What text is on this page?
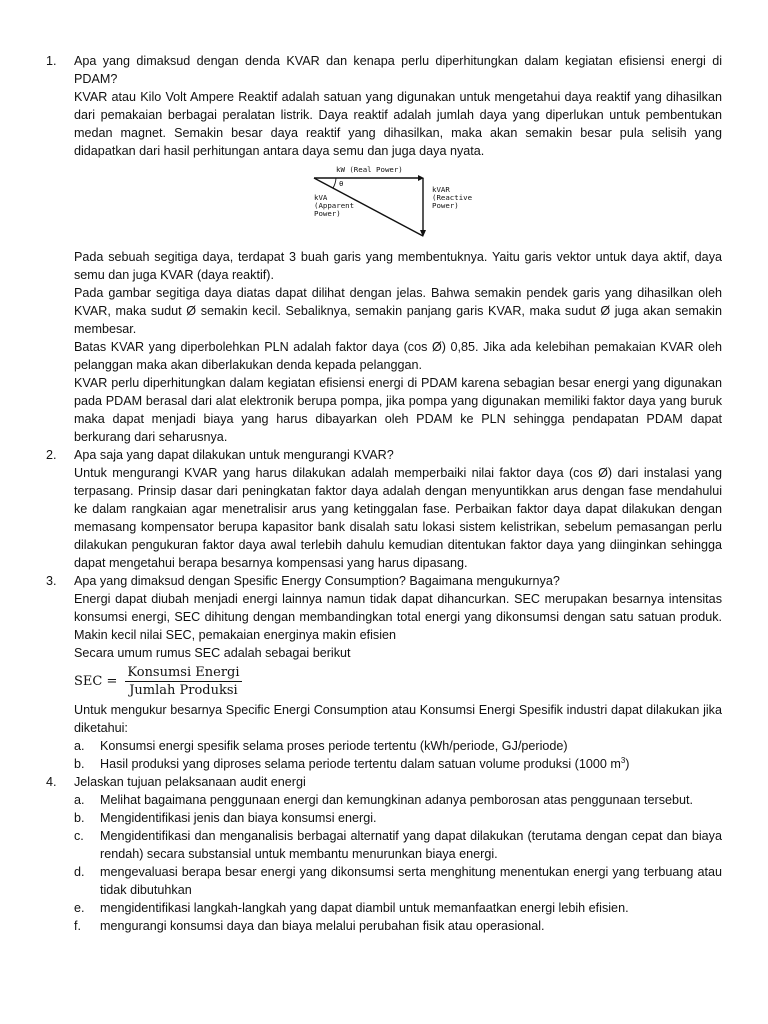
1. Apa yang dimaksud dengan denda KVAR dan kenapa perlu diperhitungkan dalam kegiatan efisiensi energi di PDAM?

KVAR atau Kilo Volt Ampere Reaktif adalah satuan yang digunakan untuk mengetahui daya reaktif yang dihasilkan dari pemakaian berbagai peralatan listrik. Daya reaktif adalah jumlah daya yang diperlukan untuk pembentukan medan magnet. Semakin besar daya reaktif yang dihasilkan, maka akan semakin besar pula selisih yang didapatkan dari hasil perhitungan antara daya semu dan juga daya nyata.

kW (Real Power)
θ
kVAR
(Reactive
Power)
kVA
(Apparent
Power)

Pada sebuah segitiga daya, terdapat 3 buah garis yang membentuknya. Yaitu garis vektor untuk daya aktif, daya semu dan juga KVAR (daya reaktif).

Pada gambar segitiga daya diatas dapat dilihat dengan jelas. Bahwa semakin pendek garis yang dihasilkan oleh KVAR, maka sudut Ø semakin kecil. Sebaliknya, semakin panjang garis KVAR, maka sudut Ø juga akan semakin membesar.

Batas KVAR yang diperbolehkan PLN adalah faktor daya (cos Ø) 0,85. Jika ada kelebihan pemakaian KVAR oleh pelanggan maka akan diberlakukan denda kepada pelanggan.

KVAR perlu diperhitungkan dalam kegiatan efisiensi energi di PDAM karena sebagian besar energi yang digunakan pada PDAM berasal dari alat elektronik berupa pompa, jika pompa yang digunakan memiliki faktor daya yang buruk maka dapat menjadi biaya yang harus dibayarkan oleh PDAM ke PLN sehingga pendapatan PDAM dapat berkurang dari seharusnya.

2. Apa saja yang dapat dilakukan untuk mengurangi KVAR?

Untuk mengurangi KVAR yang harus dilakukan adalah memperbaiki nilai faktor daya (cos Ø) dari instalasi yang terpasang. Prinsip dasar dari peningkatan faktor daya adalah dengan menyuntikkan arus dengan fase mendahului ke dalam rangkaian agar menetralisir arus yang ketinggalan fase. Perbaikan faktor daya dapat dilakukan dengan memasang kompensator berupa kapasitor bank disalah satu lokasi sistem kelistrikan, sebelum pemasangan perlu dilakukan pengukuran faktor daya awal terlebih dahulu kemudian ditentukan faktor daya yang diinginkan sehingga dapat mengetahui berapa besarnya kompensasi yang harus dipasang.

3. Apa yang dimaksud dengan Spesific Energy Consumption? Bagaimana mengukurnya?

Energi dapat diubah menjadi energi lainnya namun tidak dapat dihancurkan. SEC merupakan besarnya intensitas konsumsi energi, SEC dihitung dengan membandingkan total energi yang dikonsumsi dengan satu satuan produk. Makin kecil nilai SEC, pemakaian energinya makin efisien

Secara umum rumus SEC adalah sebagai berikut

SEC = $\frac{\text{Konsumsi Energi}}{\text{Jumlah Produksi}}$

Untuk mengukur besarnya Specific Energi Consumption atau Konsumsi Energi Spesifik industri dapat dilakukan jika diketahui:

a. Konsumsi energi spesifik selama proses periode tertentu (kWh/periode, GJ/periode)

b. Hasil produksi yang diproses selama periode tertentu dalam satuan volume produksi (1000 $m^3$)

4. Jelaskan tujuan pelaksanaan audit energi

a. Melihat bagaimana penggunaan energi dan kemungkinan adanya pemborosan atas penggunaan tersebut.

b. Mengidentifikasi jenis dan biaya konsumsi energi.

c. Mengidentifikasi dan menganalisis berbagai alternatif yang dapat dilakukan (terutama dengan cepat dan biaya rendah) secara substansial untuk membantu menurunkan biaya energi.

d. mengevaluasi berapa besar energi yang dikonsumsi serta menghitung menentukan energi yang terbuang atau tidak dibutuhkan

e. mengidentifikasi langkah-langkah yang dapat diambil untuk memanfaatkan energi lebih efisien.

f. mengurangi konsumsi daya dan biaya melalui perubahan fisik atau operasional.
